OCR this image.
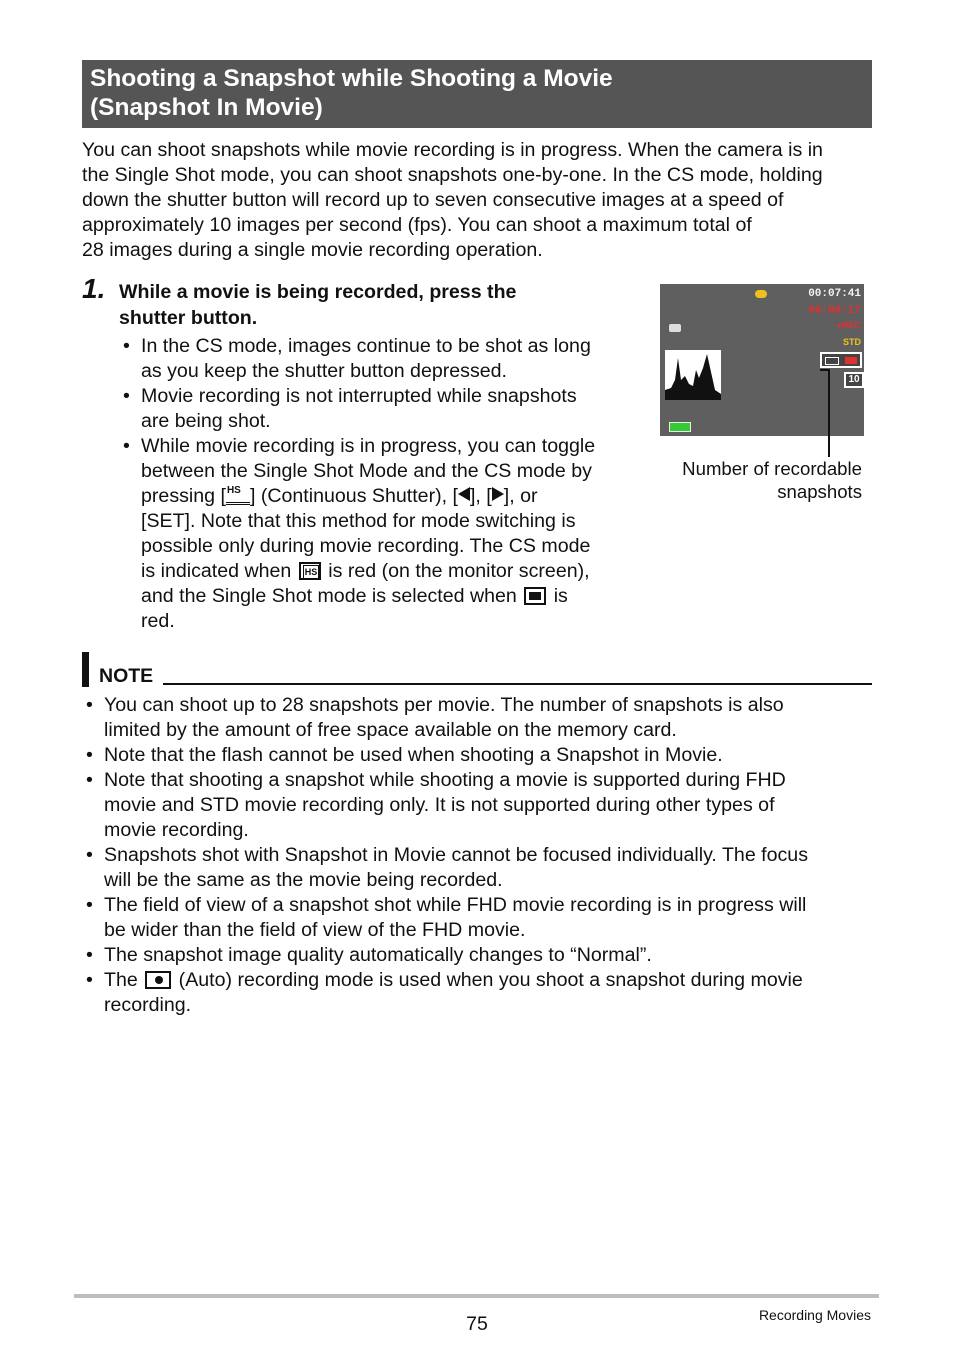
Shooting a Snapshot while Shooting a Movie
(Snapshot In Movie)

You can shoot snapshots while movie recording is in progress. When the camera is in
the Single Shot mode, you can shoot snapshots one-by-one. In the CS mode, holding
down the shutter button will record up to seven consecutive images at a speed of
approximately 10 images per second (fps). You can shoot a maximum total of
28 images during a single movie recording operation.

1. While a movie is being recorded, press the
shutter button.
• In the CS mode, images continue to be shot as long
as you keep the shutter button depressed.
• Movie recording is not interrupted while snapshots
are being shot.
• While movie recording is in progress, you can toggle
between the Single Shot Mode and the CS mode by
pressing [ HS ] (Continuous Shutter), [ ], [ ], or
[SET]. Note that this method for mode switching is
possible only during movie recording. The CS mode
is indicated when HS is red (on the monitor screen),
and the Single Shot mode is selected when is
red.
00:07:41
00:00:17
●REC
STD
10
Number of recordable
snapshots
NOTE
• You can shoot up to 28 snapshots per movie. The number of snapshots is also
limited by the amount of free space available on the memory card.
• Note that the flash cannot be used when shooting a Snapshot in Movie.
• Note that shooting a snapshot while shooting a movie is supported during FHD
movie and STD movie recording only. It is not supported during other types of
movie recording.
• Snapshots shot with Snapshot in Movie cannot be focused individually. The focus
will be the same as the movie being recorded.
• The field of view of a snapshot shot while FHD movie recording is in progress will
be wider than the field of view of the FHD movie.
• The snapshot image quality automatically changes to “Normal”.
• The (Auto) recording mode is used when you shoot a snapshot during movie
recording.
75	Recording Movies
